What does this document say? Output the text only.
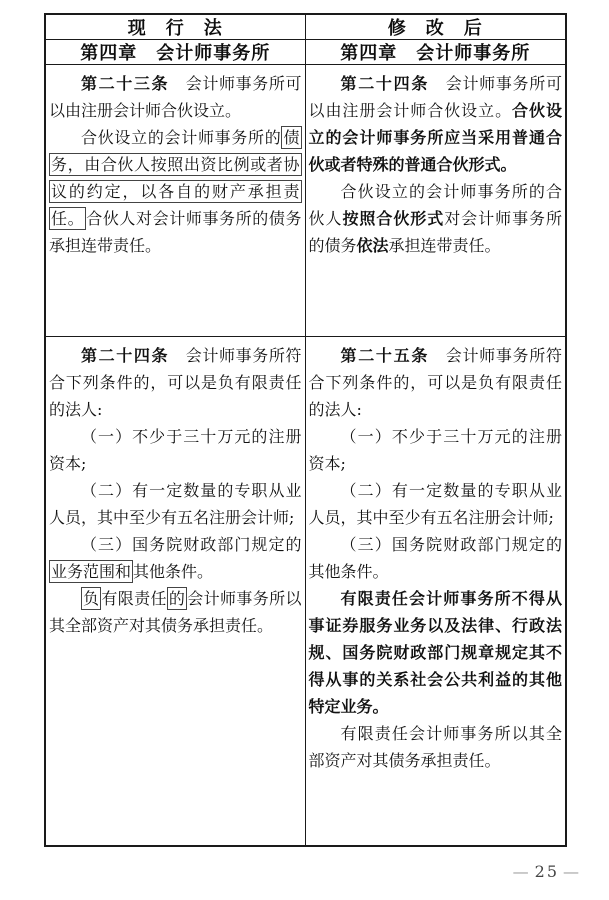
现　行　法	修　改　后
第四章　会计师事务所	第四章　会计师事务所

第二十三条　会计师事务所可以由注册会计师合伙设立。

合伙设立的会计师事务所的 债务，由合伙人按照出资比例或者协议的约定，以各自的财产承担责任。 合伙人对会计师事务所的债务承担连带责任。

第二十四条　会计师事务所可以由注册会计师合伙设立。合伙设立的会计师事务所应当采用普通合伙或者特殊的普通合伙形式。

合伙设立的会计师事务所的合伙人按照合伙形式对会计师事务所的债务依法承担连带责任。

第二十四条　会计师事务所符合下列条件的，可以是负有限责任的法人:

（一）不少于三十万元的注册资本;

（二）有一定数量的专职从业人员，其中至少有五名注册会计师;

（三）国务院财政部门规定的业务范围和 其他条件。

负 有限责任 的 会计师事务所以其全部资产对其债务承担责任。

第二十五条　会计师事务所符合下列条件的，可以是负有限责任的法人:

（一）不少于三十万元的注册资本;

（二）有一定数量的专职从业人员，其中至少有五名注册会计师;

（三）国务院财政部门规定的其他条件。

有限责任会计师事务所不得从事证券服务业务以及法律、行政法规、国务院财政部门规章规定其不得从事的关系社会公共利益的其他特定业务。

有限责任会计师事务所以其全部资产对其债务承担责任。

— 25 —
